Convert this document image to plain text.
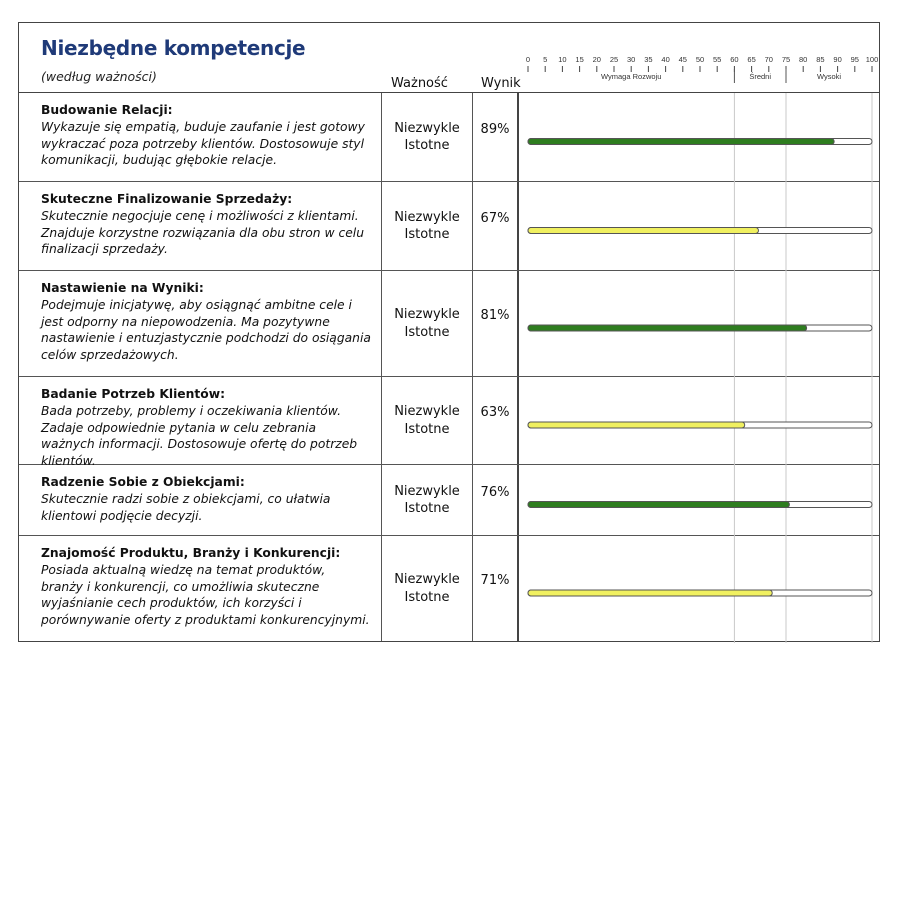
Niezbędne kompetencje
(według ważności)	Ważność	Wynik
Budowanie Relacji:
Wykazuje się empatią, buduje zaufanie i jest gotowy wykraczać poza potrzeby klientów. Dostosowuje styl komunikacji, budując głębokie relacje.
Niezwykle Istotne
89%
Skuteczne Finalizowanie Sprzedaży:
Skutecznie negocjuje cenę i możliwości z klientami. Znajduje korzystne rozwiązania dla obu stron w celu finalizacji sprzedaży.
Niezwykle Istotne
67%
Nastawienie na Wyniki:
Podejmuje inicjatywę, aby osiągnąć ambitne cele i jest odporny na niepowodzenia. Ma pozytywne nastawienie i entuzjastycznie podchodzi do osiągania celów sprzedażowych.
Niezwykle Istotne
81%
Badanie Potrzeb Klientów:
Bada potrzeby, problemy i oczekiwania klientów. Zadaje odpowiednie pytania w celu zebrania ważnych informacji. Dostosowuje ofertę do potrzeb klientów.
Niezwykle Istotne
63%
Radzenie Sobie z Obiekcjami:
Skutecznie radzi sobie z obiekcjami, co ułatwia klientowi podjęcie decyzji.
Niezwykle Istotne
76%
Znajomość Produktu, Branży i Konkurencji:
Posiada aktualną wiedzę na temat produktów, branży i konkurencji, co umożliwia skuteczne wyjaśnianie cech produktów, ich korzyści i porównywanie oferty z produktami konkurencyjnymi.
Niezwykle Istotne
71%
0 5 10 15 20 25 30 35 40 45 50 55 60 65 70 75 80 85 90 95 100
Wymaga Rozwoju	Średni	Wysoki
